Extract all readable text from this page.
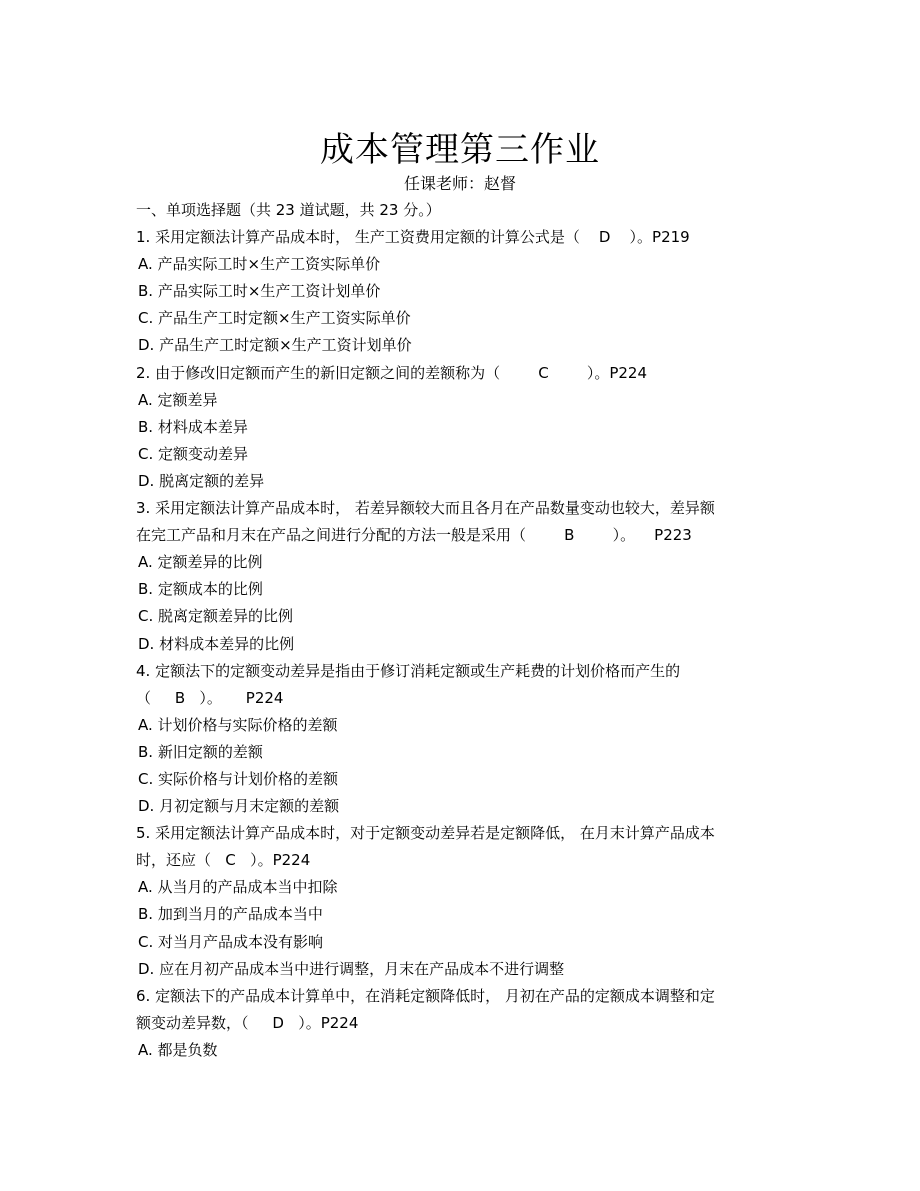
成本管理第三作业
任课老师：赵督
一、单项选择题（共 23 道试题，共 23 分。）
1. 采用定额法计算产品成本时， 生产工资费用定额的计算公式是（    D    ）。P219
A. 产品实际工时×生产工资实际单价
B. 产品实际工时×生产工资计划单价
C. 产品生产工时定额×生产工资实际单价
D. 产品生产工时定额×生产工资计划单价
2. 由于修改旧定额而产生的新旧定额之间的差额称为（        C        ）。P224
A. 定额差异
B. 材料成本差异
C. 定额变动差异
D. 脱离定额的差异
3. 采用定额法计算产品成本时， 若差异额较大而且各月在产品数量变动也较大，差异额
在完工产品和月末在产品之间进行分配的方法一般是采用（        B        ）。    P223
A. 定额差异的比例
B. 定额成本的比例
C. 脱离定额差异的比例
D. 材料成本差异的比例
4. 定额法下的定额变动差异是指由于修订消耗定额或生产耗费的计划价格而产生的
（     B   ）。     P224
A. 计划价格与实际价格的差额
B. 新旧定额的差额
C. 实际价格与计划价格的差额
D. 月初定额与月末定额的差额
5. 采用定额法计算产品成本时，对于定额变动差异若是定额降低， 在月末计算产品成本
时，还应（   C   ）。P224
A. 从当月的产品成本当中扣除
B. 加到当月的产品成本当中
C. 对当月产品成本没有影响
D. 应在月初产品成本当中进行调整，月末在产品成本不进行调整
6. 定额法下的产品成本计算单中，在消耗定额降低时， 月初在产品的定额成本调整和定
额变动差异数，（     D   ）。P224
A. 都是负数
